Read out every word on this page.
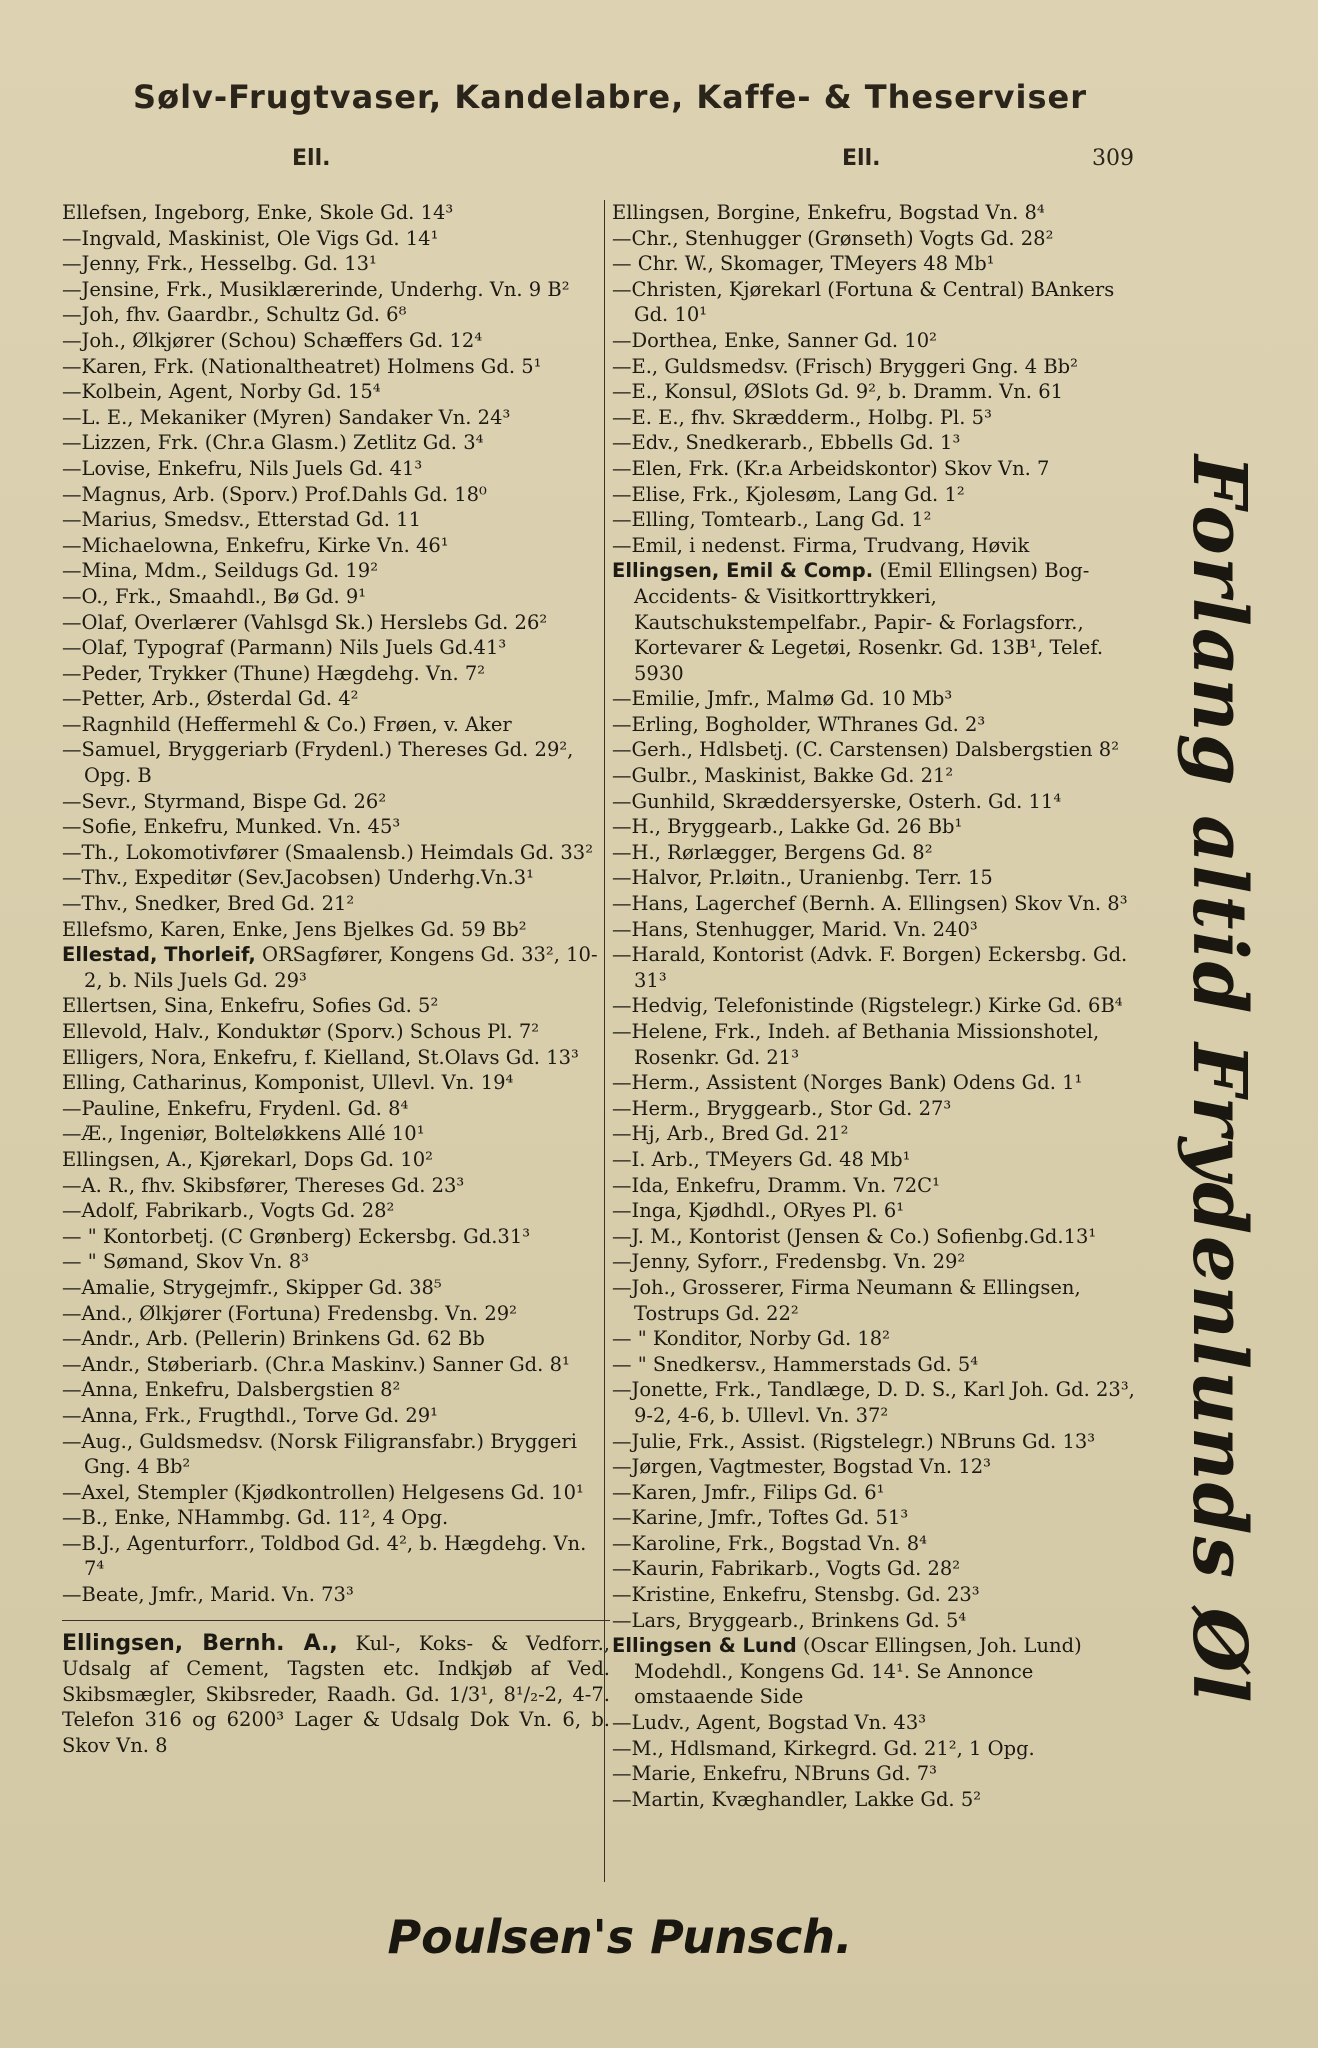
Sølv-Frugtvaser, Kandelabre, Kaffe- & Theserviser
Ell.	Ell.	309
Ellefsen, Ingeborg, Enke, Skole Gd. 14³
—Ingvald, Maskinist, Ole Vigs Gd. 14¹
—Jenny, Frk., Hesselbg. Gd. 13¹
—Jensine, Frk., Musiklærerinde, Underhg. Vn. 9 B²
—Joh, fhv. Gaardbr., Schultz Gd. 6⁸
—Joh., Ølkjører (Schou) Schæffers Gd. 12⁴
—Karen, Frk. (Nationaltheatret) Holmens Gd. 5¹
—Kolbein, Agent, Norby Gd. 15⁴
—L. E., Mekaniker (Myren) Sandaker Vn. 24³
—Lizzen, Frk. (Chr.a Glasm.) Zetlitz Gd. 3⁴
—Lovise, Enkefru, Nils Juels Gd. 41³
—Magnus, Arb. (Sporv.) Prof.Dahls Gd. 18⁰
—Marius, Smedsv., Etterstad Gd. 11
—Michaelowna, Enkefru, Kirke Vn. 46¹
—Mina, Mdm., Seildugs Gd. 19²
—O., Frk., Smaahdl., Bø Gd. 9¹
—Olaf, Overlærer (Vahlsgd Sk.) Herslebs Gd. 26²
—Olaf, Typograf (Parmann) Nils Juels Gd.41³
—Peder, Trykker (Thune) Hægdehg. Vn. 7²
—Petter, Arb., Østerdal Gd. 4²
—Ragnhild (Heffermehl & Co.) Frøen, v. Aker
—Samuel, Bryggeriarb (Frydenl.) Thereses Gd. 29², Opg. B
—Sevr., Styrmand, Bispe Gd. 26²
—Sofie, Enkefru, Munked. Vn. 45³
—Th., Lokomotivfører (Smaalensb.) Heimdals Gd. 33²
—Thv., Expeditør (Sev.Jacobsen) Underhg.Vn.3¹
—Thv., Snedker, Bred Gd. 21²
Ellefsmo, Karen, Enke, Jens Bjelkes Gd. 59 Bb²
Ellestad, Thorleif, ORSagfører, Kongens Gd. 33², 10-2, b. Nils Juels Gd. 29³
Ellertsen, Sina, Enkefru, Sofies Gd. 5²
Ellevold, Halv., Konduktør (Sporv.) Schous Pl. 7²
Elligers, Nora, Enkefru, f. Kielland, St.Olavs Gd. 13³
Elling, Catharinus, Komponist, Ullevl. Vn. 19⁴
—Pauline, Enkefru, Frydenl. Gd. 8⁴
—Æ., Ingeniør, Bolteløkkens Allé 10¹
Ellingsen, A., Kjørekarl, Dops Gd. 10²
—A. R., fhv. Skibsfører, Thereses Gd. 23³
—Adolf, Fabrikarb., Vogts Gd. 28²
— " Kontorbetj. (C Grønberg) Eckersbg. Gd.31³
— " Sømand, Skov Vn. 8³
—Amalie, Strygejmfr., Skipper Gd. 38⁵
—And., Ølkjører (Fortuna) Fredensbg. Vn. 29²
—Andr., Arb. (Pellerin) Brinkens Gd. 62 Bb
—Andr., Støberiarb. (Chr.a Maskinv.) Sanner Gd. 8¹
—Anna, Enkefru, Dalsbergstien 8²
—Anna, Frk., Frugthdl., Torve Gd. 29¹
—Aug., Guldsmedsv. (Norsk Filigransfabr.) Bryggeri Gng. 4 Bb²
—Axel, Stempler (Kjødkontrollen) Helgesens Gd. 10¹
—B., Enke, NHammbg. Gd. 11², 4 Opg.
—B.J., Agenturforr., Toldbod Gd. 4², b. Hægdehg. Vn. 7⁴
—Beate, Jmfr., Marid. Vn. 73³
Ellingsen, Bernh. A., Kul-, Koks- & Vedforr., Udsalg af Cement, Tagsten etc. Indkjøb af Ved. Skibsmægler, Skibsreder, Raadh. Gd. 1/3¹, 8¹/₂-2, 4-7. Telefon 316 og 6200³ Lager & Udsalg Dok Vn. 6, b. Skov Vn. 8
Ellingsen, Borgine, Enkefru, Bogstad Vn. 8⁴
—Chr., Stenhugger (Grønseth) Vogts Gd. 28²
— Chr. W., Skomager, TMeyers 48 Mb¹
—Christen, Kjørekarl (Fortuna & Central) BAnkers Gd. 10¹
—Dorthea, Enke, Sanner Gd. 10²
—E., Guldsmedsv. (Frisch) Bryggeri Gng. 4 Bb²
—E., Konsul, ØSlots Gd. 9², b. Dramm. Vn. 61
—E. E., fhv. Skrædderm., Holbg. Pl. 5³
—Edv., Snedkerarb., Ebbells Gd. 1³
—Elen, Frk. (Kr.a Arbeidskontor) Skov Vn. 7
—Elise, Frk., Kjolesøm, Lang Gd. 1²
—Elling, Tomtearb., Lang Gd. 1²
—Emil, i nedenst. Firma, Trudvang, Høvik
Ellingsen, Emil & Comp. (Emil Ellingsen) Bog-Accidents- & Visitkorttrykkeri, Kautschukstempelfabr., Papir- & Forlagsforr., Kortevarer & Legetøi, Rosenkr. Gd. 13B¹, Telef. 5930
—Emilie, Jmfr., Malmø Gd. 10 Mb³
—Erling, Bogholder, WThranes Gd. 2³
—Gerh., Hdlsbetj. (C. Carstensen) Dalsbergstien 8²
—Gulbr., Maskinist, Bakke Gd. 21²
—Gunhild, Skræddersyerske, Osterh. Gd. 11⁴
—H., Bryggearb., Lakke Gd. 26 Bb¹
—H., Rørlægger, Bergens Gd. 8²
—Halvor, Pr.løitn., Uranienbg. Terr. 15
—Hans, Lagerchef (Bernh. A. Ellingsen) Skov Vn. 8³
—Hans, Stenhugger, Marid. Vn. 240³
—Harald, Kontorist (Advk. F. Borgen) Eckersbg. Gd. 31³
—Hedvig, Telefonistinde (Rigstelegr.) Kirke Gd. 6B⁴
—Helene, Frk., Indeh. af Bethania Missionshotel, Rosenkr. Gd. 21³
—Herm., Assistent (Norges Bank) Odens Gd. 1¹
—Herm., Bryggearb., Stor Gd. 27³
—Hj, Arb., Bred Gd. 21²
—I. Arb., TMeyers Gd. 48 Mb¹
—Ida, Enkefru, Dramm. Vn. 72C¹
—Inga, Kjødhdl., ORyes Pl. 6¹
—J. M., Kontorist (Jensen & Co.) Sofienbg.Gd.13¹
—Jenny, Syforr., Fredensbg. Vn. 29²
—Joh., Grosserer, Firma Neumann & Ellingsen, Tostrups Gd. 22²
— " Konditor, Norby Gd. 18²
— " Snedkersv., Hammerstads Gd. 5⁴
—Jonette, Frk., Tandlæge, D. D. S., Karl Joh. Gd. 23³, 9-2, 4-6, b. Ullevl. Vn. 37²
—Julie, Frk., Assist. (Rigstelegr.) NBruns Gd. 13³
—Jørgen, Vagtmester, Bogstad Vn. 12³
—Karen, Jmfr., Filips Gd. 6¹
—Karine, Jmfr., Toftes Gd. 51³
—Karoline, Frk., Bogstad Vn. 8⁴
—Kaurin, Fabrikarb., Vogts Gd. 28²
—Kristine, Enkefru, Stensbg. Gd. 23³
—Lars, Bryggearb., Brinkens Gd. 5⁴
Ellingsen & Lund (Oscar Ellingsen, Joh. Lund) Modehdl., Kongens Gd. 14¹. Se Annonce omstaaende Side
—Ludv., Agent, Bogstad Vn. 43³
—M., Hdlsmand, Kirkegrd. Gd. 21², 1 Opg.
—Marie, Enkefru, NBruns Gd. 7³
—Martin, Kvæghandler, Lakke Gd. 5²
Forlang altid Frydenlunds Øl
Poulsen's Punsch.
